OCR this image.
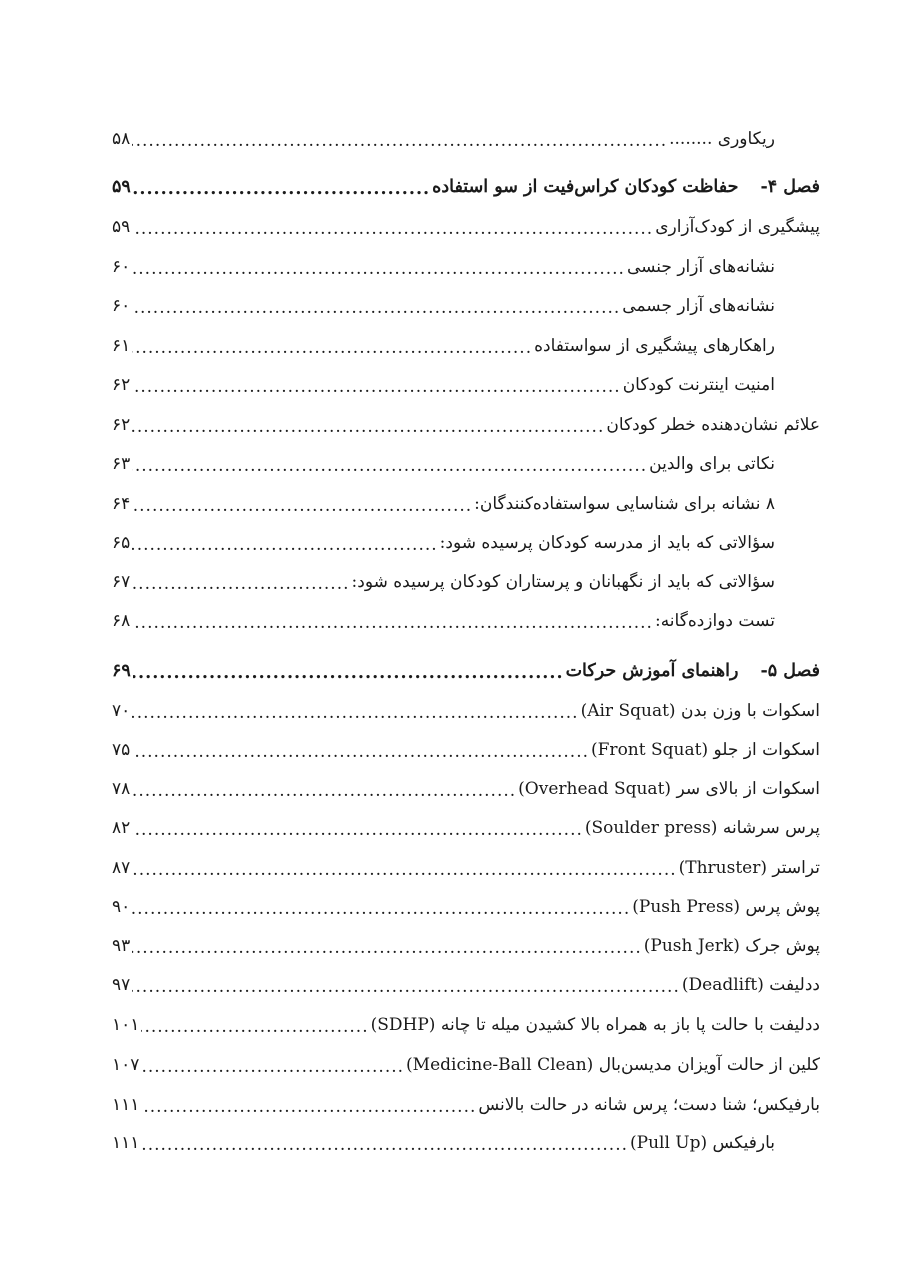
ریکاوری ........
.....
۵۸
فصل ۴-حفاظت کودکان کراس‌فیت از سو استفاده
.....
۵۹
پیشگیری از کودک‌آزاری
.....
۵۹
نشانه‌های آزار جنسی
.....
۶۰
نشانه‌های آزار جسمی
.....
۶۰
راهکارهای پیشگیری از سواستفاده
.....
۶۱
امنیت اینترنت کودکان
.....
۶۲
علائم نشان‌دهنده خطر کودکان
.....
۶۲
نکاتی برای والدین
.....
۶۳
۸ نشانه برای شناسایی سواستفاده‌کنندگان:
.....
۶۴
سؤالاتی که باید از مدرسه کودکان پرسیده شود:
.....
۶۵
سؤالاتی که باید از نگهبانان و پرستاران کودکان پرسیده شود:
.....
۶۷
تست دوازده‌گانه:
.....
۶۸
فصل ۵-راهنمای آموزش حرکات
.....
۶۹
اسکوات با وزن بدن (Air Squat)
.....
۷۰
اسکوات از جلو (Front Squat)
.....
۷۵
اسکوات از بالای سر (Overhead Squat)
.....
۷۸
پرس سرشانه (Soulder press)
.....
۸۲
تراستر (Thruster)
.....
۸۷
پوش پرس (Push Press)
.....
۹۰
پوش جرک (Push Jerk)
.....
۹۳
ددلیفت (Deadlift)
.....
۹۷
ددلیفت با حالت پا باز به همراه بالا کشیدن میله تا چانه (SDHP)
.....
۱۰۱
کلین از حالت آویزان مدیسن‌بال (Medicine-Ball Clean)
.....
۱۰۷
بارفیکس؛ شنا دست؛ پرس شانه در حالت بالانس
.....
۱۱۱
بارفیکس (Pull Up)
.....
۱۱۱
